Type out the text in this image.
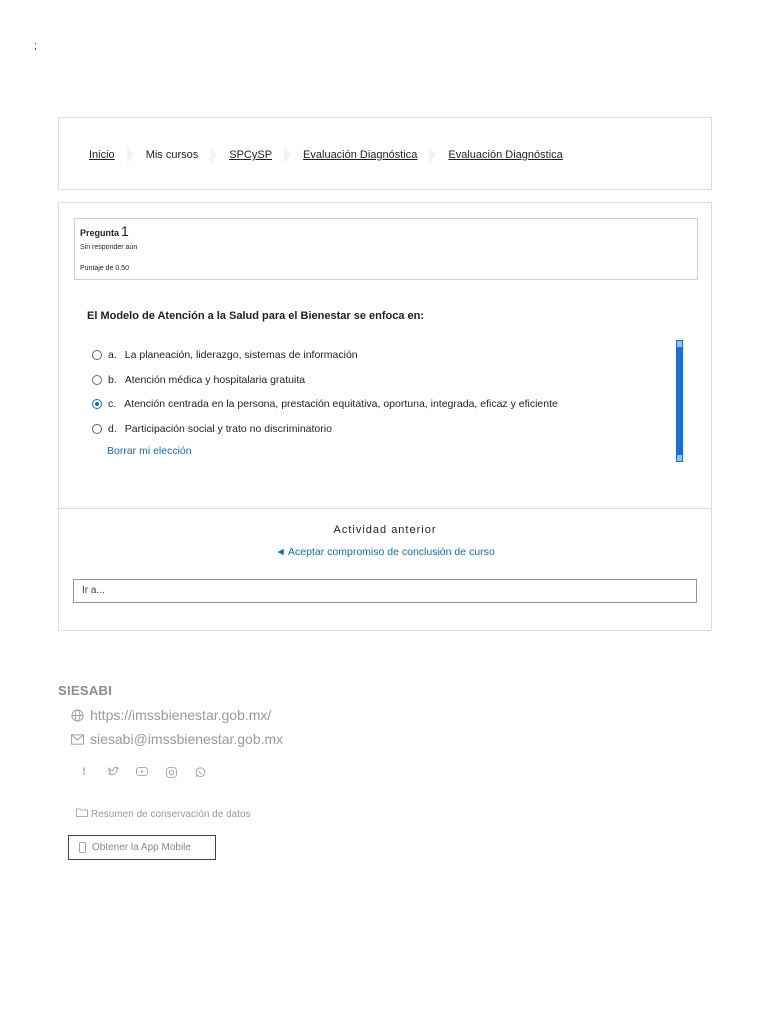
;
Inicio	Mis cursos	SPCySP	Evaluación Diagnóstica	Evaluación Diagnóstica
Pregunta 1
Sin responder aún
Puntaje de 0.50
El Modelo de Atención a la Salud para el Bienestar se enfoca en:
a. La planeación, liderazgo, sistemas de información
b. Atención médica y hospitalaria gratuita
c. Atención centrada en la persona, prestación equitativa, oportuna, integrada, eficaz y eficiente
d. Participación social y trato no discriminatorio
Borrar mi elección
Actividad anterior
◄ Aceptar compromiso de conclusión de curso
Ir a...
SIESABI
https://imssbienestar.gob.mx/
siesabi@imssbienestar.gob.mx
f
Resumen de conservación de datos
Obtener la App Mobile
